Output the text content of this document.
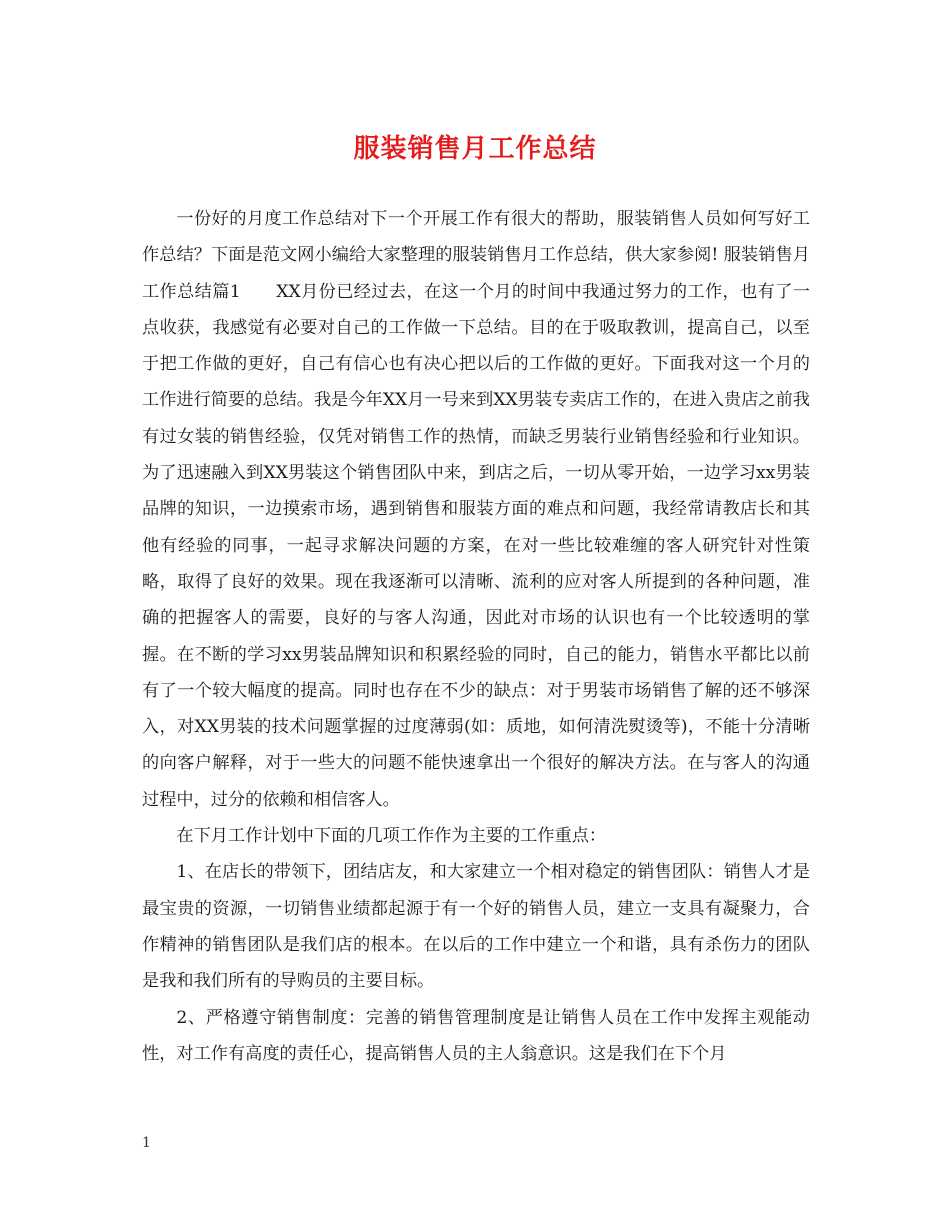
服装销售月工作总结

一份好的月度工作总结对下一个开展工作有很大的帮助，服装销售人员如何写好工作总结？下面是范文网小编给大家整理的服装销售月工作总结，供大家参阅! 服装销售月工作总结篇1　　XX月份已经过去，在这一个月的时间中我通过努力的工作，也有了一点收获，我感觉有必要对自己的工作做一下总结。目的在于吸取教训，提高自己，以至于把工作做的更好，自己有信心也有决心把以后的工作做的更好。下面我对这一个月的工作进行简要的总结。我是今年XX月一号来到XX男装专卖店工作的，在进入贵店之前我有过女装的销售经验，仅凭对销售工作的热情，而缺乏男装行业销售经验和行业知识。为了迅速融入到XX男装这个销售团队中来，到店之后，一切从零开始，一边学习xx男装品牌的知识，一边摸索市场，遇到销售和服装方面的难点和问题，我经常请教店长和其他有经验的同事，一起寻求解决问题的方案，在对一些比较难缠的客人研究针对性策略，取得了良好的效果。现在我逐渐可以清晰、流利的应对客人所提到的各种问题，准确的把握客人的需要，良好的与客人沟通，因此对市场的认识也有一个比较透明的掌握。在不断的学习xx男装品牌知识和积累经验的同时，自己的能力，销售水平都比以前有了一个较大幅度的提高。同时也存在不少的缺点：对于男装市场销售了解的还不够深入，对XX男装的技术问题掌握的过度薄弱(如：质地，如何清洗熨烫等)，不能十分清晰的向客户解释，对于一些大的问题不能快速拿出一个很好的解决方法。在与客人的沟通过程中，过分的依赖和相信客人。

在下月工作计划中下面的几项工作作为主要的工作重点：

1、在店长的带领下，团结店友，和大家建立一个相对稳定的销售团队：销售人才是最宝贵的资源，一切销售业绩都起源于有一个好的销售人员，建立一支具有凝聚力，合作精神的销售团队是我们店的根本。在以后的工作中建立一个和谐，具有杀伤力的团队是我和我们所有的导购员的主要目标。

2、严格遵守销售制度：完善的销售管理制度是让销售人员在工作中发挥主观能动性，对工作有高度的责任心，提高销售人员的主人翁意识。这是我们在下个月

1
